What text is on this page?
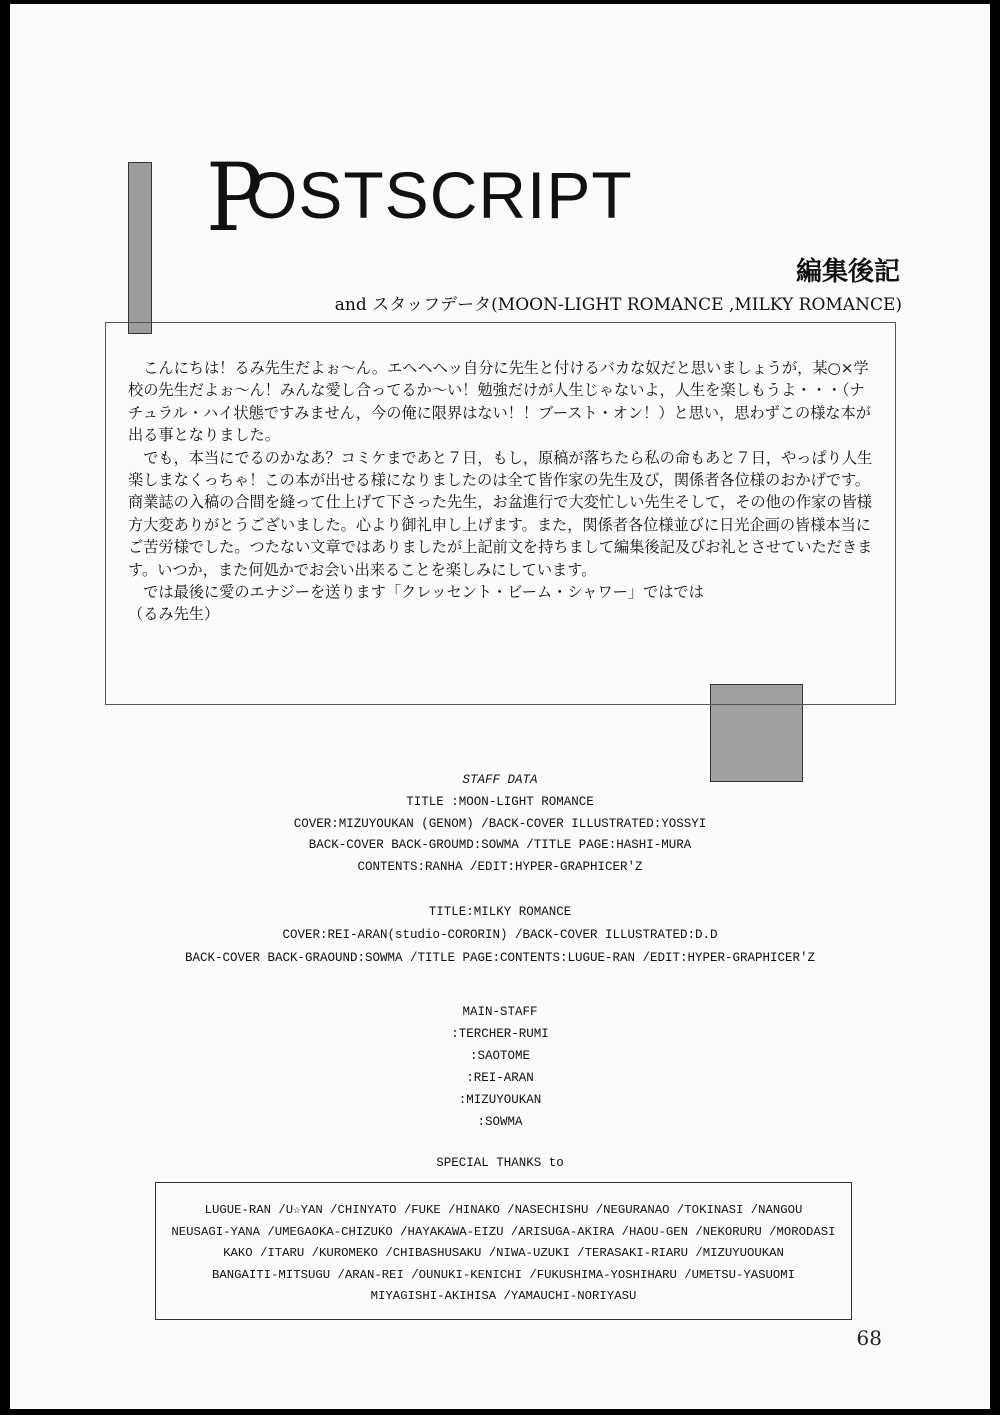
P
OSTSCRIPT
編集後記
and スタッフデータ(MOON-LIGHT ROMANCE ,MILKY ROMANCE)

こんにちは！るみ先生だよぉ〜ん。エヘヘヘッ自分に先生と付けるバカな奴だと思いましょうが，某○×学校の先生だよぉ〜ん！みんな愛し合ってるか〜い！勉強だけが人生じゃないよ，人生を楽しもうよ・・・（ナチュラル・ハイ状態ですみません，今の俺に限界はない！！ブースト・オン！）と思い，思わずこの様な本が出る事となりました。

でも，本当にでるのかなあ？コミケまであと７日，もし，原稿が落ちたら私の命もあと７日，やっぱり人生楽しまなくっちゃ！この本が出せる様になりましたのは全て皆作家の先生及び，関係者各位様のおかげです。商業誌の入稿の合間を縫って仕上げて下さった先生，お盆進行で大変忙しい先生そして，その他の作家の皆様方大変ありがとうございました。心より御礼申し上げます。また，関係者各位様並びに日光企画の皆様本当にご苦労様でした。つたない文章ではありましたが上記前文を持ちまして編集後記及びお礼とさせていただきます。いつか，また何処かでお会い出来ることを楽しみにしています。

では最後に愛のエナジーを送ります「クレッセント・ビーム・シャワー」ではでは

（るみ先生）

STAFF DATA
TITLE :MOON-LIGHT ROMANCE
COVER:MIZUYOUKAN (GENOM) /BACK-COVER ILLUSTRATED:YOSSYI
BACK-COVER BACK-GROUMD:SOWMA /TITLE PAGE:HASHI-MURA
CONTENTS:RANHA /EDIT:HYPER-GRAPHICER'Z
TITLE:MILKY ROMANCE
COVER:REI-ARAN(studio-CORORIN) /BACK-COVER ILLUSTRATED:D.D
BACK-COVER BACK-GRAOUND:SOWMA /TITLE PAGE:CONTENTS:LUGUE-RAN /EDIT:HYPER-GRAPHICER'Z
MAIN-STAFF
:TERCHER-RUMI
:SAOTOME
:REI-ARAN
:MIZUYOUKAN
:SOWMA
SPECIAL THANKS to
LUGUE-RAN /U☆YAN /CHINYATO /FUKE /HINAKO /NASECHISHU /NEGURANAO /TOKINASI /NANGOU
NEUSAGI-YANA /UMEGAOKA-CHIZUKO /HAYAKAWA-EIZU /ARISUGA-AKIRA /HAOU-GEN /NEKORURU /MORODASI
KAKO /ITARU /KUROMEKO /CHIBASHUSAKU /NIWA-UZUKI /TERASAKI-RIARU /MIZUYUOUKAN
BANGAITI-MITSUGU /ARAN-REI /OUNUKI-KENICHI /FUKUSHIMA-YOSHIHARU /UMETSU-YASUOMI
MIYAGISHI-AKIHISA /YAMAUCHI-NORIYASU
68
